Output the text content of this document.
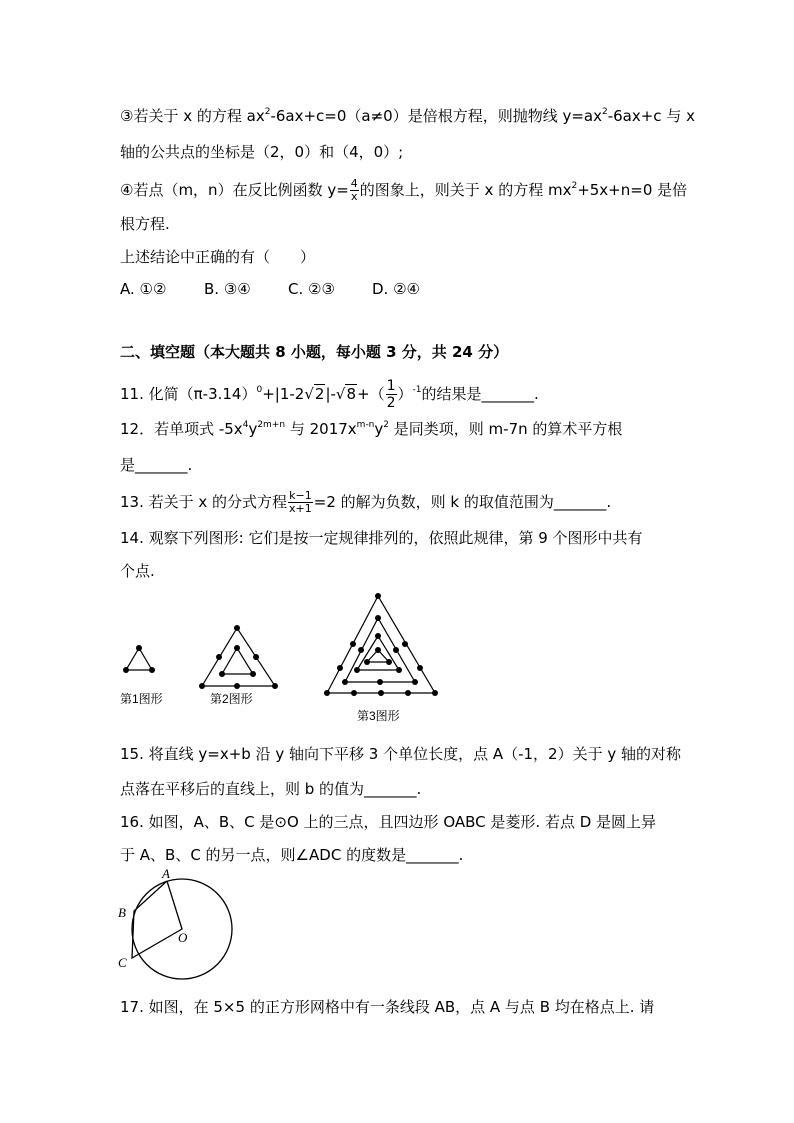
③若关于 x 的方程 $ax^2-6ax+c=0(a\ne 0)$是倍根方程，则抛物线 $y=ax^2-6ax+c$ 与 x
轴的公共点的坐标是（2，0）和（4，0）;
④若点（m，n）在反比例函数 $y= \frac{4}{x}$ 的图象上，则关于 x 的方程 $mx^2+5x+n=0$ 是倍
根方程.
上述结论中正确的有（　　）
A. ①②	B. ③④ C. ②③ D. ②④
二、填空题（本大题共 8 小题，每小题 3 分，共 24 分）
11. 化简$(\pi-3.14)^0+|1-2√2|-√8+( \frac{1}{2} )^{-1}$的结果是_______.
12．若单项式 $-5x^4y^{2m+n}$ 与 $2017x^{m-n}y^2$ 是同类项，则 m-7n 的算术平方根
是_______.
13. 若关于 x 的分式方程 $\frac{k-1}{x+1} =2$ 的解为负数，则 k 的取值范围为_______.
14. 观察下列图形: 它们是按一定规律排列的，依照此规律，第 9 个图形中共有
个点.
第1图形	第2图形
第3图形
15. 将直线 y=x+b 沿 y 轴向下平移 3 个单位长度，点 A（-1，2）关于 y 轴的对称
点落在平移后的直线上，则 b 的值为_______.
16. 如图，A、B、C 是⊙O 上的三点，且四边形 OABC 是菱形. 若点 D 是圆上异
于 A、B、C 的另一点，则∠ADC 的度数是_______.
A
B
C
O
17. 如图，在 5×5 的正方形网格中有一条线段 AB，点 A 与点 B 均在格点上. 请
